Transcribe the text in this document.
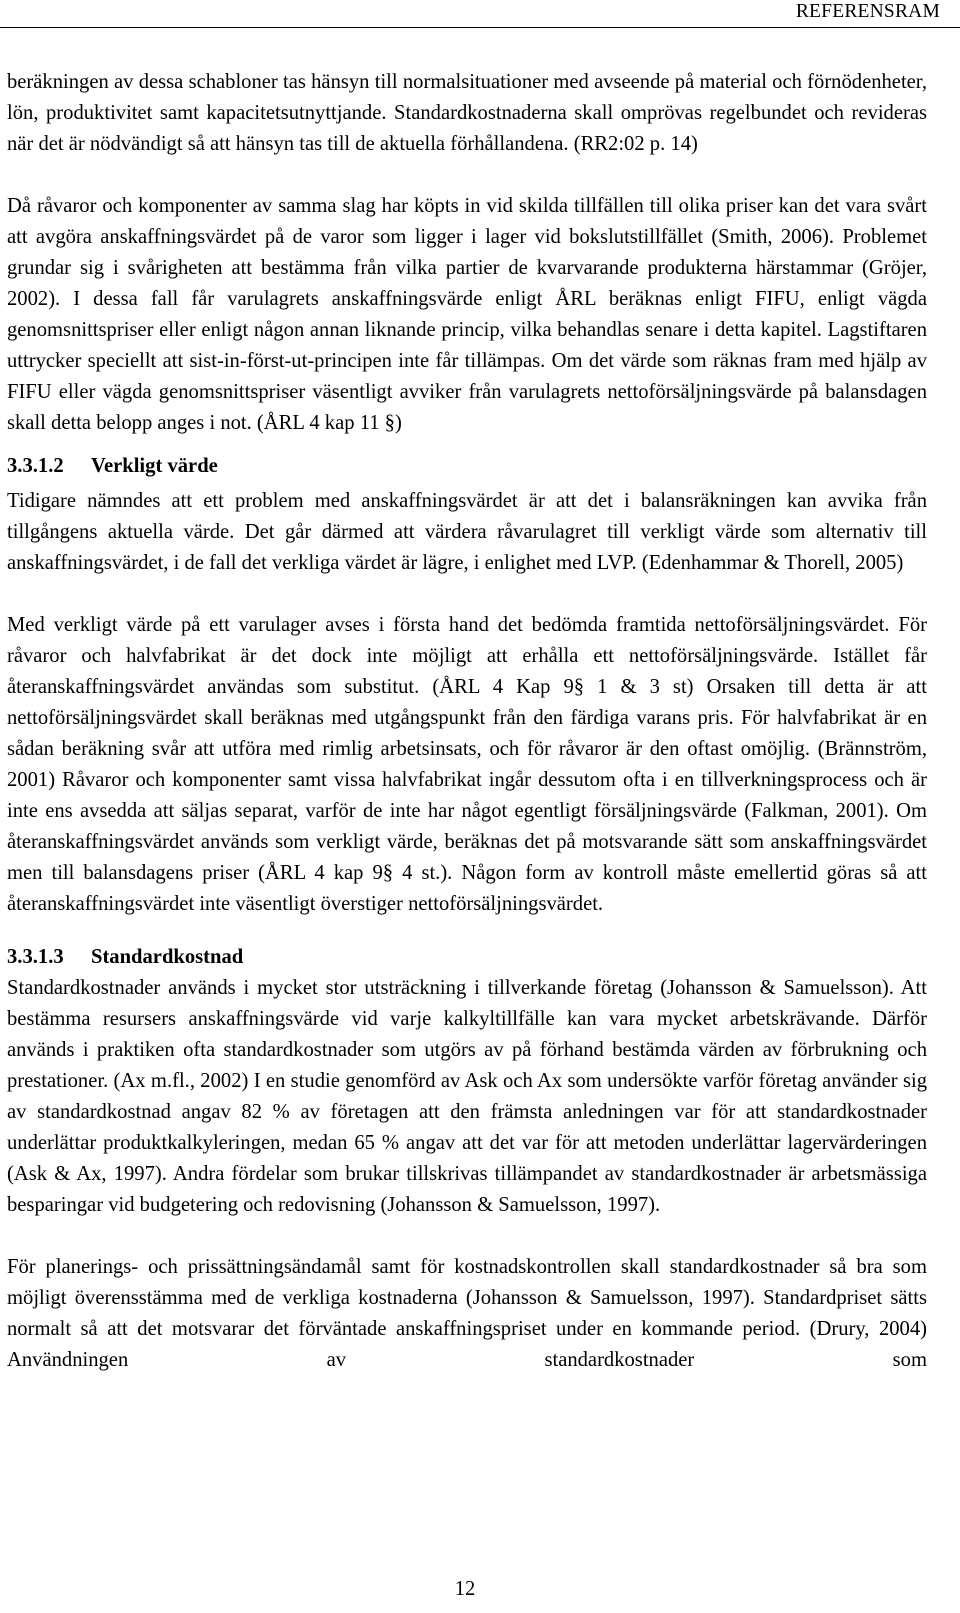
REFERENSRAM

beräkningen av dessa schabloner tas hänsyn till normalsituationer med avseende på material och förnödenheter, lön, produktivitet samt kapacitetsutnyttjande. Standardkostnaderna skall omprövas regelbundet och revideras när det är nödvändigt så att hänsyn tas till de aktuella förhållandena. (RR2:02 p. 14)

Då råvaror och komponenter av samma slag har köpts in vid skilda tillfällen till olika priser kan det vara svårt att avgöra anskaffningsvärdet på de varor som ligger i lager vid bokslutstillfället (Smith, 2006). Problemet grundar sig i svårigheten att bestämma från vilka partier de kvarvarande produkterna härstammar (Gröjer, 2002). I dessa fall får varulagrets anskaffningsvärde enligt ÅRL beräknas enligt FIFU, enligt vägda genomsnittspriser eller enligt någon annan liknande princip, vilka behandlas senare i detta kapitel. Lagstiftaren uttrycker speciellt att sist-in-först-ut-principen inte får tillämpas. Om det värde som räknas fram med hjälp av FIFU eller vägda genomsnittspriser väsentligt avviker från varulagrets nettoförsäljningsvärde på balansdagen skall detta belopp anges i not. (ÅRL 4 kap 11 §)

3.3.1.2 Verkligt värde

Tidigare nämndes att ett problem med anskaffningsvärdet är att det i balansräkningen kan avvika från tillgångens aktuella värde. Det går därmed att värdera råvarulagret till verkligt värde som alternativ till anskaffningsvärdet, i de fall det verkliga värdet är lägre, i enlighet med LVP. (Edenhammar & Thorell, 2005)

Med verkligt värde på ett varulager avses i första hand det bedömda framtida nettoförsäljningsvärdet. För råvaror och halvfabrikat är det dock inte möjligt att erhålla ett nettoförsäljningsvärde. Istället får återanskaffningsvärdet användas som substitut. (ÅRL 4 Kap 9§ 1 & 3 st) Orsaken till detta är att nettoförsäljningsvärdet skall beräknas med utgångspunkt från den färdiga varans pris. För halvfabrikat är en sådan beräkning svår att utföra med rimlig arbetsinsats, och för råvaror är den oftast omöjlig. (Brännström, 2001) Råvaror och komponenter samt vissa halvfabrikat ingår dessutom ofta i en tillverkningsprocess och är inte ens avsedda att säljas separat, varför de inte har något egentligt försäljningsvärde (Falkman, 2001). Om återanskaffningsvärdet används som verkligt värde, beräknas det på motsvarande sätt som anskaffningsvärdet men till balansdagens priser (ÅRL 4 kap 9§ 4 st.). Någon form av kontroll måste emellertid göras så att återanskaffningsvärdet inte väsentligt överstiger nettoförsäljningsvärdet.

3.3.1.3 Standardkostnad

Standardkostnader används i mycket stor utsträckning i tillverkande företag (Johansson & Samuelsson). Att bestämma resursers anskaffningsvärde vid varje kalkyltillfälle kan vara mycket arbetskrävande. Därför används i praktiken ofta standardkostnader som utgörs av på förhand bestämda värden av förbrukning och prestationer. (Ax m.fl., 2002) I en studie genomförd av Ask och Ax som undersökte varför företag använder sig av standardkostnad angav 82 % av företagen att den främsta anledningen var för att standardkostnader underlättar produktkalkyleringen, medan 65 % angav att det var för att metoden underlättar lagervärderingen (Ask & Ax, 1997). Andra fördelar som brukar tillskrivas tillämpandet av standardkostnader är arbetsmässiga besparingar vid budgetering och redovisning (Johansson & Samuelsson, 1997).

För planerings- och prissättningsändamål samt för kostnadskontrollen skall standardkostnader så bra som möjligt överensstämma med de verkliga kostnaderna (Johansson & Samuelsson, 1997). Standardpriset sätts normalt så att det motsvarar det förväntade anskaffningspriset under en kommande period. (Drury, 2004) Användningen av standardkostnader som

12
